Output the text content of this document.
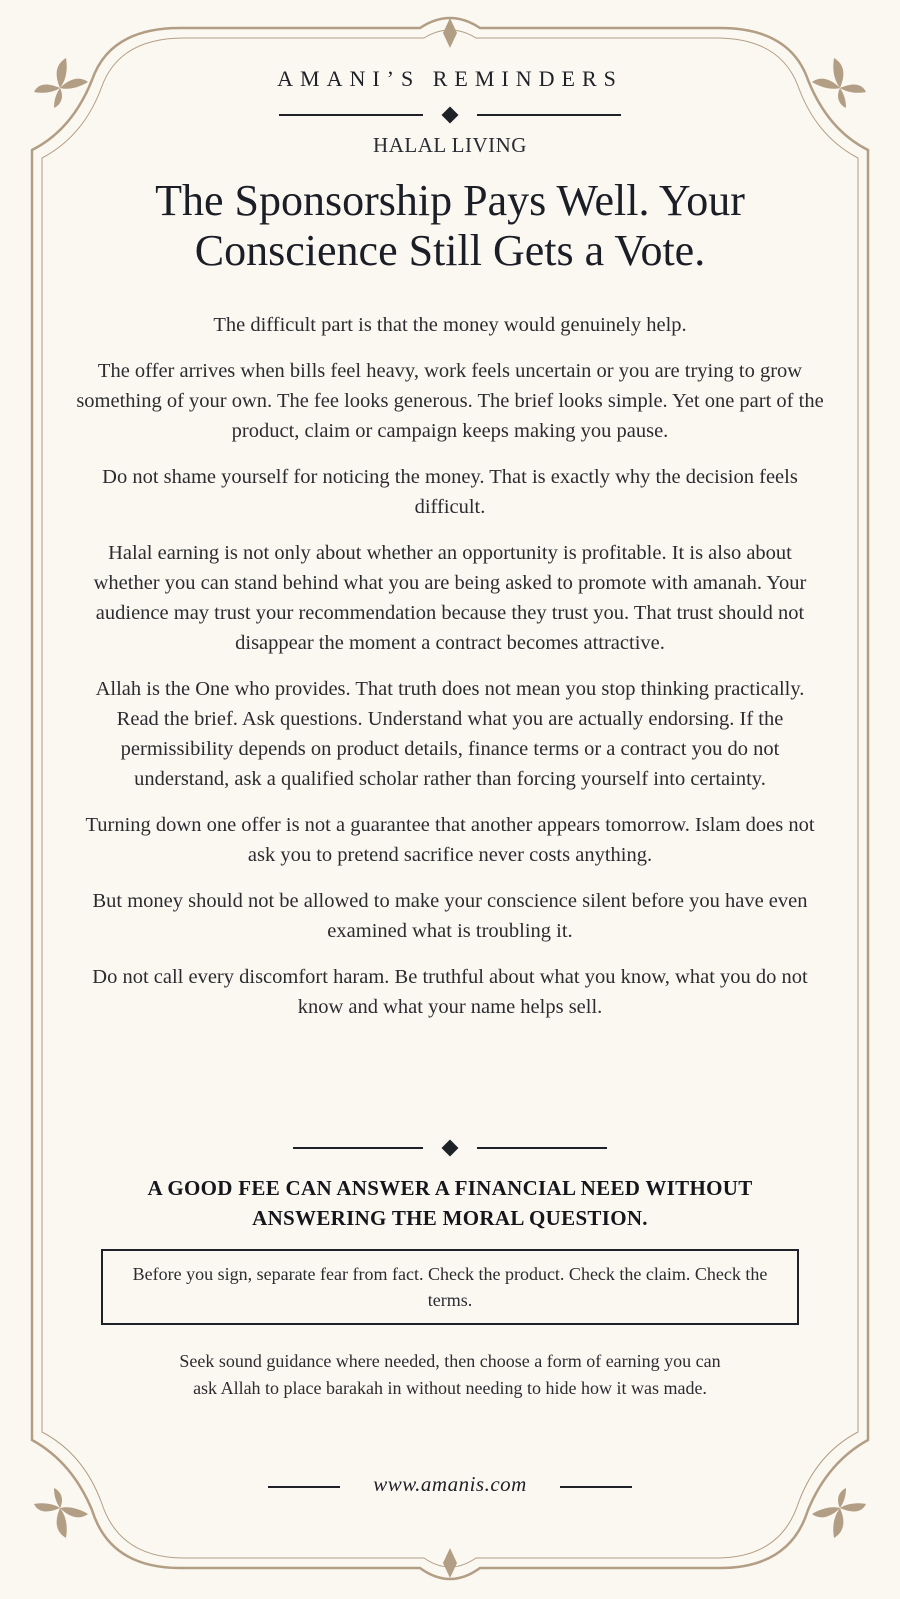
AMANI’S REMINDERS
HALAL LIVING
The Sponsorship Pays Well. Your
Conscience Still Gets a Vote.

The difficult part is that the money would genuinely help.

The offer arrives when bills feel heavy, work feels uncertain or you are trying to grow something of your own. The fee looks generous. The brief looks simple. Yet one part of the product, claim or campaign keeps making you pause.

Do not shame yourself for noticing the money. That is exactly why the decision feels difficult.

Halal earning is not only about whether an opportunity is profitable. It is also about whether you can stand behind what you are being asked to promote with amanah. Your audience may trust your recommendation because they trust you. That trust should not disappear the moment a contract becomes attractive.

Allah is the One who provides. That truth does not mean you stop thinking practically. Read the brief. Ask questions. Understand what you are actually endorsing. If the permissibility depends on product details, finance terms or a contract you do not understand, ask a qualified scholar rather than forcing yourself into certainty.

Turning down one offer is not a guarantee that another appears tomorrow. Islam does not ask you to pretend sacrifice never costs anything.

But money should not be allowed to make your conscience silent before you have even examined what is troubling it.

Do not call every discomfort haram. Be truthful about what you know, what you do not know and what your name helps sell.

A GOOD FEE CAN ANSWER A FINANCIAL NEED WITHOUT
ANSWERING THE MORAL QUESTION.
Before you sign, separate fear from fact. Check the product. Check the claim. Check the terms.
Seek sound guidance where needed, then choose a form of earning you can
ask Allah to place barakah in without needing to hide how it was made.
www.amanis.com
